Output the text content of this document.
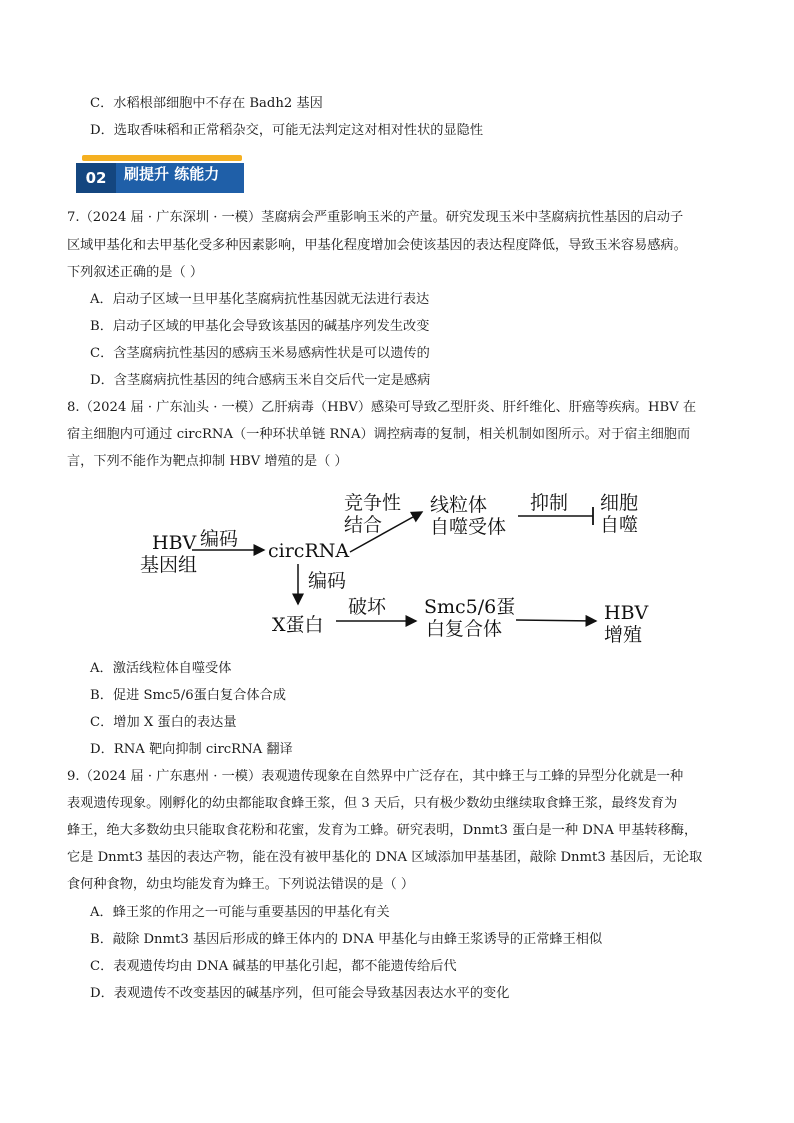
C．水稻根部细胞中不存在 Badh2 基因
D．选取香味稻和正常稻杂交，可能无法判定这对相对性状的显隐性
02	刷提升 练能力
7.（2024 届 · 广东深圳 · 一模）茎腐病会严重影响玉米的产量。研究发现玉米中茎腐病抗性基因的启动子
区域甲基化和去甲基化受多种因素影响，甲基化程度增加会使该基因的表达程度降低，导致玉米容易感病。
下列叙述正确的是（ ）
A．启动子区域一旦甲基化茎腐病抗性基因就无法进行表达
B．启动子区域的甲基化会导致该基因的碱基序列发生改变
C．含茎腐病抗性基因的感病玉米易感病性状是可以遗传的
D．含茎腐病抗性基因的纯合感病玉米自交后代一定是感病
8.（2024 届 · 广东汕头 · 一模）乙肝病毒（HBV）感染可导致乙型肝炎、肝纤维化、肝癌等疾病。HBV 在
宿主细胞内可通过 circRNA（一种环状单链 RNA）调控病毒的复制，相关机制如图所示。对于宿主细胞而
言，下列不能作为靶点抑制 HBV 增殖的是（ ）
HBV
基因组
编码
circRNA
竞争性
结合
线粒体
自噬受体
抑制 细胞
自噬
编码
X蛋白
破坏 Smc5/6蛋
白复合体
HBV
增殖
A．激活线粒体自噬受体
B．促进 Smc5/6蛋白复合体合成
C．增加 X 蛋白的表达量
D．RNA 靶向抑制 circRNA 翻译
9.（2024 届 · 广东惠州 · 一模）表观遗传现象在自然界中广泛存在，其中蜂王与工蜂的异型分化就是一种
表观遗传现象。刚孵化的幼虫都能取食蜂王浆，但 3 天后，只有极少数幼虫继续取食蜂王浆，最终发育为
蜂王，绝大多数幼虫只能取食花粉和花蜜，发育为工蜂。研究表明，Dnmt3 蛋白是一种 DNA 甲基转移酶，
它是 Dnmt3 基因的表达产物，能在没有被甲基化的 DNA 区域添加甲基基团，敲除 Dnmt3 基因后，无论取
食何种食物，幼虫均能发育为蜂王。下列说法错误的是（ ）
A．蜂王浆的作用之一可能与重要基因的甲基化有关
B．敲除 Dnmt3 基因后形成的蜂王体内的 DNA 甲基化与由蜂王浆诱导的正常蜂王相似
C．表观遗传均由 DNA 碱基的甲基化引起，都不能遗传给后代
D．表观遗传不改变基因的碱基序列，但可能会导致基因表达水平的变化
